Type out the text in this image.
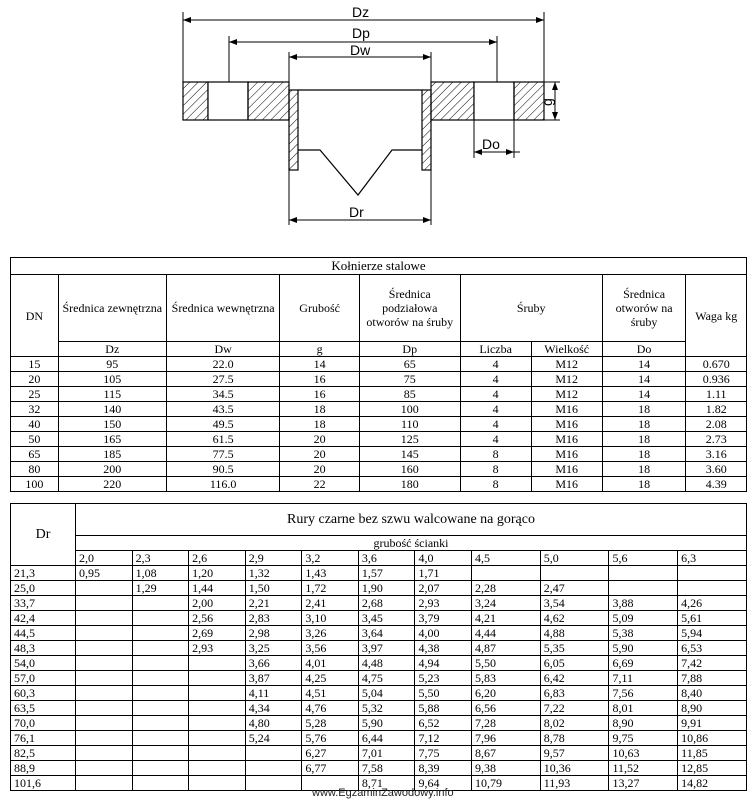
Dz
Dp
Dw
g
Do
Dr
Kołnierze stalowe								
DN	Średnica zewnętrzna	Średnica wewnętrzna	Grubość	Średnica podziałowa otworów na śruby	Śruby		Średnica otworów na śruby	Waga kg
	Dz	Dw	g	Dp	Liczba	Wielkość	Do	
15	95	22.0	14	65	4	M12	14	0.670
20	105	27.5	16	75	4	M12	14	0.936
25	115	34.5	16	85	4	M12	14	1.11
32	140	43.5	18	100	4	M16	18	1.82
40	150	49.5	18	110	4	M16	18	2.08
50	165	61.5	20	125	4	M16	18	2.73
65	185	77.5	20	145	8	M16	18	3.16
80	200	90.5	20	160	8	M16	18	3.60
100	220	116.0	22	180	8	M16	18	4.39
Dr	Rury czarne bez szwu walcowane na gorąco										
	grubość ścianki										
	2,0	2,3	2,6	2,9	3,2	3,6	4,0	4,5	5,0	5,6	6,3
21,3	0,95	1,08	1,20	1,32	1,43	1,57	1,71				
25,0		1,29	1,44	1,50	1,72	1,90	2,07	2,28	2,47		
33,7			2,00	2,21	2,41	2,68	2,93	3,24	3,54	3,88	4,26
42,4			2,56	2,83	3,10	3,45	3,79	4,21	4,62	5,09	5,61
44,5			2,69	2,98	3,26	3,64	4,00	4,44	4,88	5,38	5,94
48,3			2,93	3,25	3,56	3,97	4,38	4,87	5,35	5,90	6,53
54,0				3,66	4,01	4,48	4,94	5,50	6,05	6,69	7,42
57,0				3,87	4,25	4,75	5,23	5,83	6,42	7,11	7,88
60,3				4,11	4,51	5,04	5,50	6,20	6,83	7,56	8,40
63,5				4,34	4,76	5,32	5,88	6,56	7,22	8,01	8,90
70,0				4,80	5,28	5,90	6,52	7,28	8,02	8,90	9,91
76,1				5,24	5,76	6,44	7,12	7,96	8,78	9,75	10,86
82,5					6,27	7,01	7,75	8,67	9,57	10,63	11,85
88,9					6,77	7,58	8,39	9,38	10,36	11,52	12,85
101,6						8,71	9,64	10,79	11,93	13,27	14,82
www.EgzaminZawodowy.info
